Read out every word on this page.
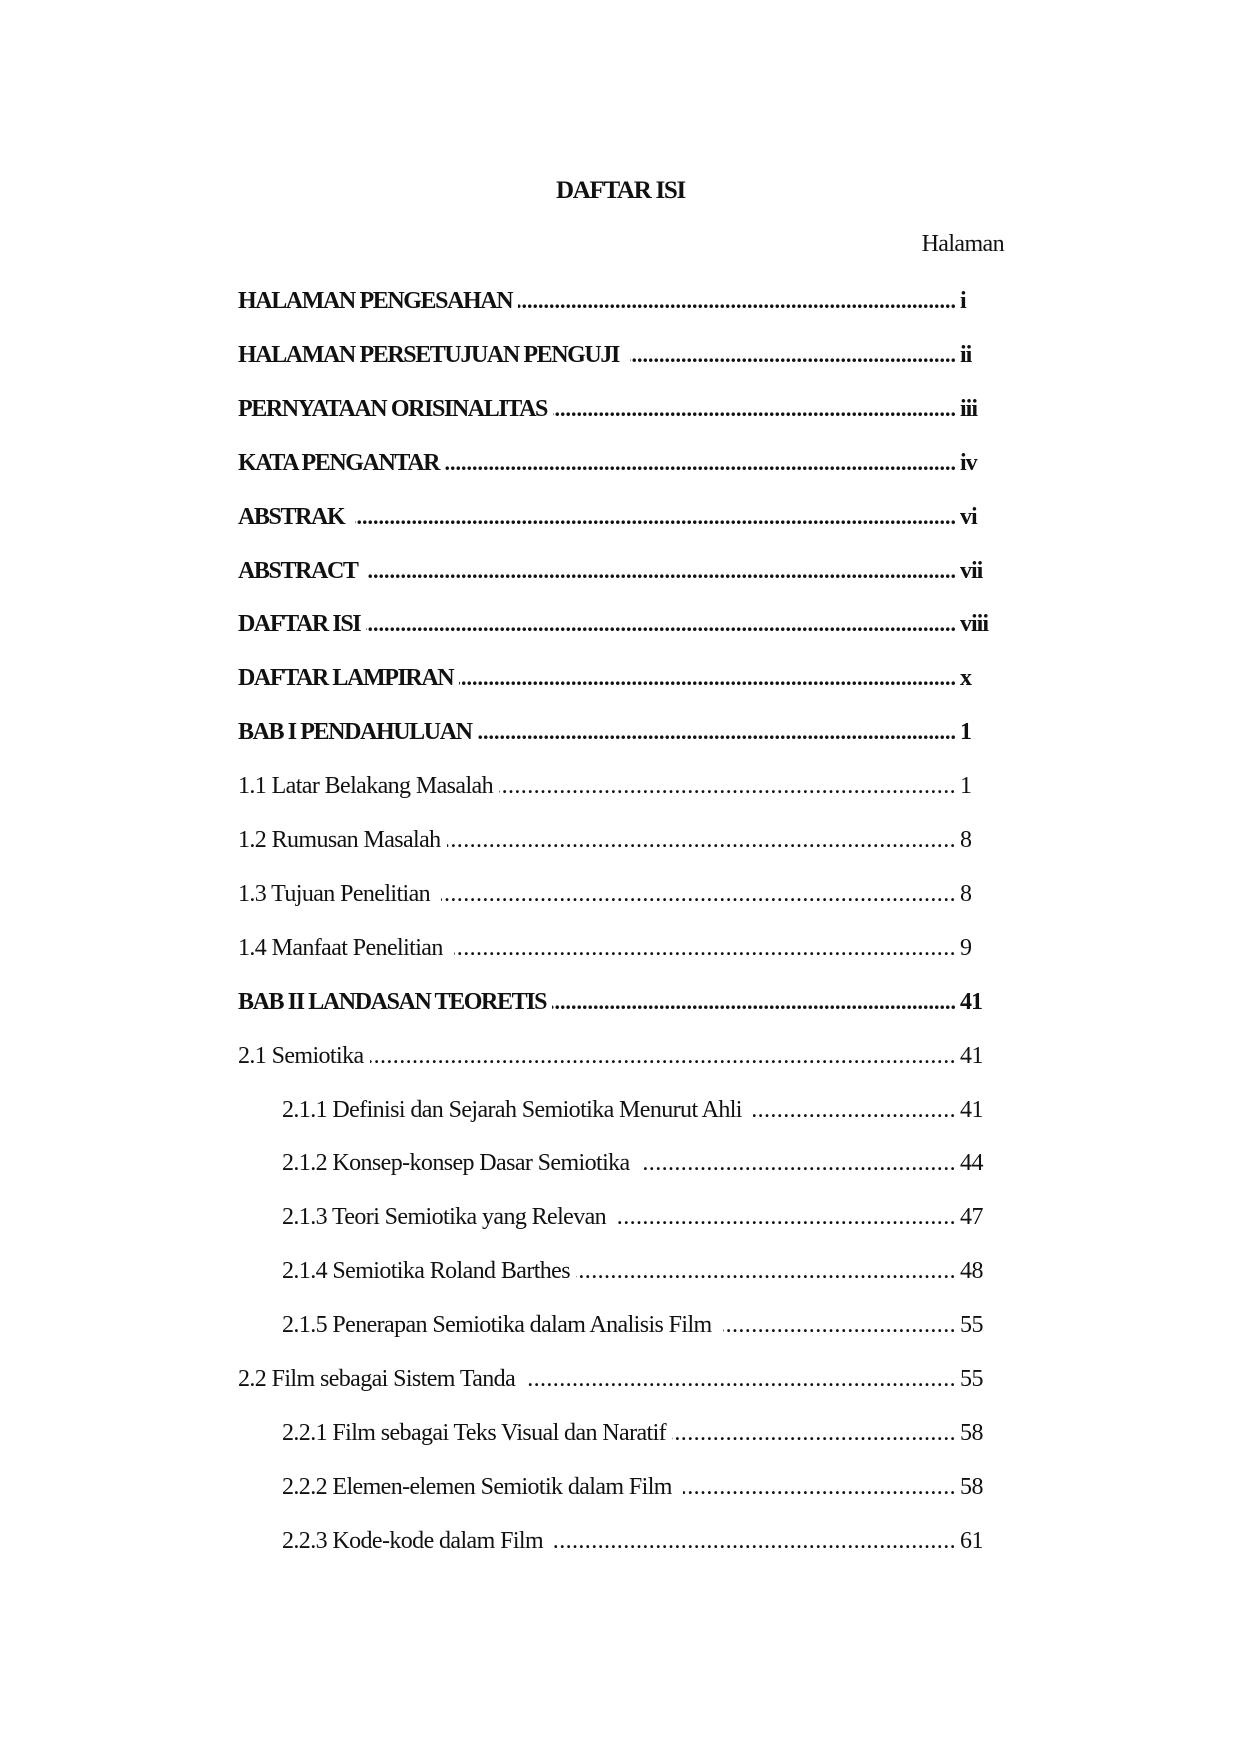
DAFTAR ISI
Halaman
HALAMAN PENGESAHAN .....	i
HALAMAN PERSETUJUAN PENGUJI .....	ii
PERNYATAAN ORISINALITAS .....	iii
KATA PENGANTAR .....	iv
ABSTRAK .....	vi
ABSTRACT .....	vii
DAFTAR ISI .....	viii
DAFTAR LAMPIRAN .....	x
BAB I PENDAHULUAN .....	1
1.1 Latar Belakang Masalah .....	1
1.2 Rumusan Masalah .....	8
1.3 Tujuan Penelitian .....	8
1.4 Manfaat Penelitian .....	9
BAB II LANDASAN TEORETIS .....	41
2.1 Semiotika .....	41
2.1.1 Definisi dan Sejarah Semiotika Menurut Ahli .....	41
2.1.2 Konsep-konsep Dasar Semiotika .....	44
2.1.3 Teori Semiotika yang Relevan .....	47
2.1.4 Semiotika Roland Barthes .....	48
2.1.5 Penerapan Semiotika dalam Analisis Film .....	55
2.2 Film sebagai Sistem Tanda .....	55
2.2.1 Film sebagai Teks Visual dan Naratif .....	58
2.2.2 Elemen-elemen Semiotik dalam Film .....	58
2.2.3 Kode-kode dalam Film .....	61
